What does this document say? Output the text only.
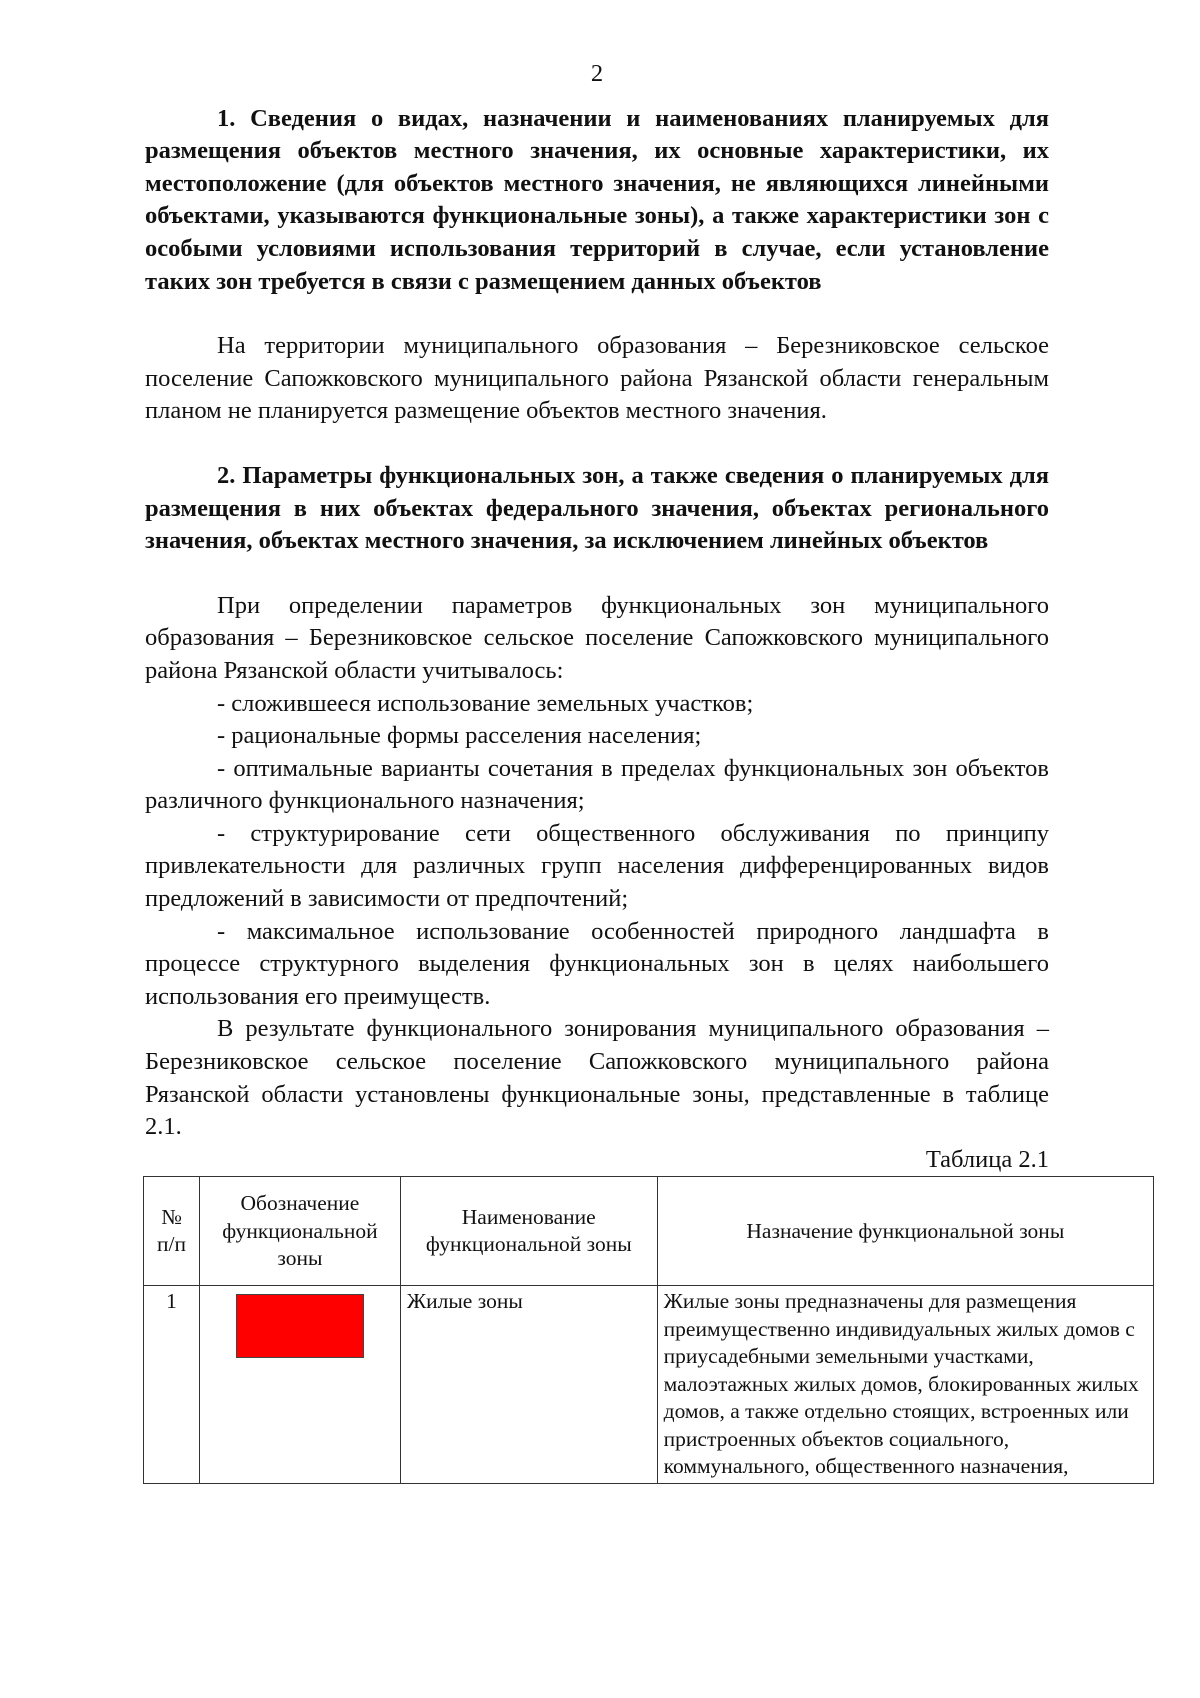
2

1. Сведения о видах, назначении и наименованиях планируемых для размещения объектов местного значения, их основные характеристики, их местоположение (для объектов местного значения, не являющихся линейными объектами, указываются функциональные зоны), а также характеристики зон с особыми условиями использования территорий в случае, если установление таких зон требуется в связи с размещением данных объектов

На территории муниципального образования – Березниковское сельское поселение Сапожковского муниципального района Рязанской области генеральным планом не планируется размещение объектов местного значения.

2. Параметры функциональных зон, а также сведения о планируемых для размещения в них объектах федерального значения, объектах регионального значения, объектах местного значения, за исключением линейных объектов

При определении параметров функциональных зон муниципального образования – Березниковское сельское поселение Сапожковского муниципального района Рязанской области учитывалось:

- сложившееся использование земельных участков;

- рациональные формы расселения населения;

- оптимальные варианты сочетания в пределах функциональных зон объектов различного функционального назначения;

- структурирование сети общественного обслуживания по принципу привлекательности для различных групп населения дифференцированных видов предложений в зависимости от предпочтений;

- максимальное использование особенностей природного ландшафта в процессе структурного выделения функциональных зон в целях наибольшего использования его преимуществ.

В результате функционального зонирования муниципального образования – Березниковское сельское поселение Сапожковского муниципального района Рязанской области установлены функциональные зоны, представленные в таблице 2.1.

Таблица 2.1

№ п/п	Обозначение функциональной зоны	Наименование функциональной зоны	Назначение функциональной зоны
1		Жилые зоны	Жилые зоны предназначены для размещения преимущественно индивидуальных жилых домов с приусадебными земельными участками, малоэтажных жилых домов, блокированных жилых домов, а также отдельно стоящих, встроенных или пристроенных объектов социального, коммунального, общественного назначения,
